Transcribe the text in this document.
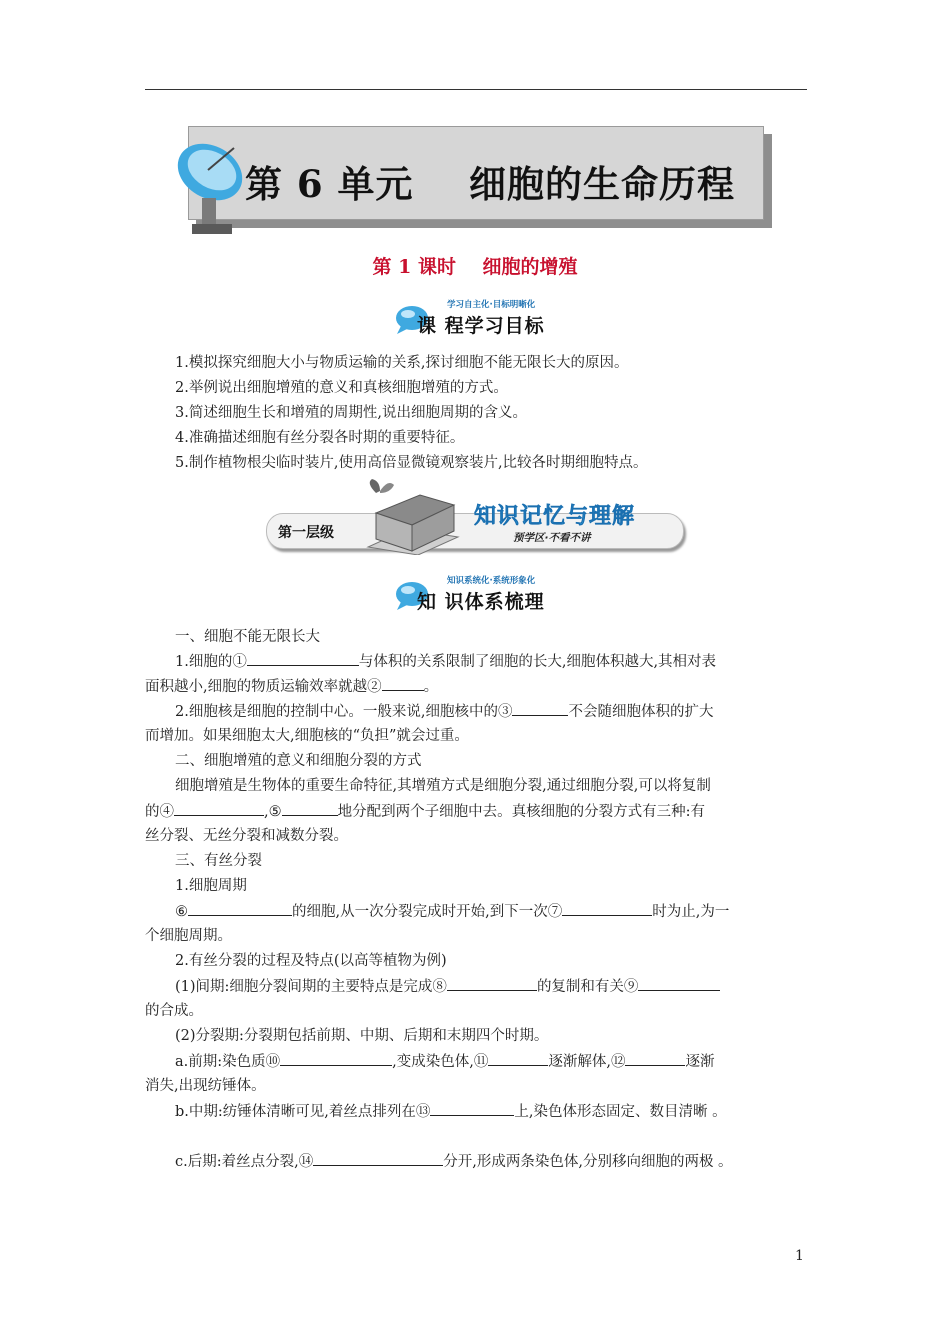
第 6 单元    细胞的生命历程
第 1 课时    细胞的增殖
学习自主化·目标明晰化
课 程学习目标
1.模拟探究细胞大小与物质运输的关系,探讨细胞不能无限长大的原因。
2.举例说出细胞增殖的意义和真核细胞增殖的方式。
3.简述细胞生长和增殖的周期性,说出细胞周期的含义。
4.准确描述细胞有丝分裂各时期的重要特征。
5.制作植物根尖临时装片,使用高倍显微镜观察装片,比较各时期细胞特点。
第一层级
知识记忆与理解
预学区·不看不讲
知识系统化·系统形象化
知 识体系梳理
一、细胞不能无限长大
1.细胞的①	与体积的关系限制了细胞的长大,细胞体积越大,其相对表
面积越小,细胞的物质运输效率就越②	。
2.细胞核是细胞的控制中心。一般来说,细胞核中的③	不会随细胞体积的扩大
而增加。如果细胞太大,细胞核的“负担”就会过重。
二、细胞增殖的意义和细胞分裂的方式
细胞增殖是生物体的重要生命特征,其增殖方式是细胞分裂,通过细胞分裂,可以将复制
的④	,⑤	地分配到两个子细胞中去。真核细胞的分裂方式有三种:有
丝分裂、无丝分裂和减数分裂。
三、有丝分裂
1.细胞周期
⑥	的细胞,从一次分裂完成时开始,到下一次⑦	时为止,为一
个细胞周期。
2.有丝分裂的过程及特点(以高等植物为例)
(1)间期:细胞分裂间期的主要特点是完成⑧	的复制和有关⑨
的合成。
(2)分裂期:分裂期包括前期、中期、后期和末期四个时期。
a.前期:染色质⑩	,变成染色体,⑪	逐渐解体,⑫	逐渐
消失,出现纺锤体。
b.中期:纺锤体清晰可见,着丝点排列在⑬	上,染色体形态固定、数目清晰 。
c.后期:着丝点分裂,⑭	分开,形成两条染色体,分别移向细胞的两极 。
1
